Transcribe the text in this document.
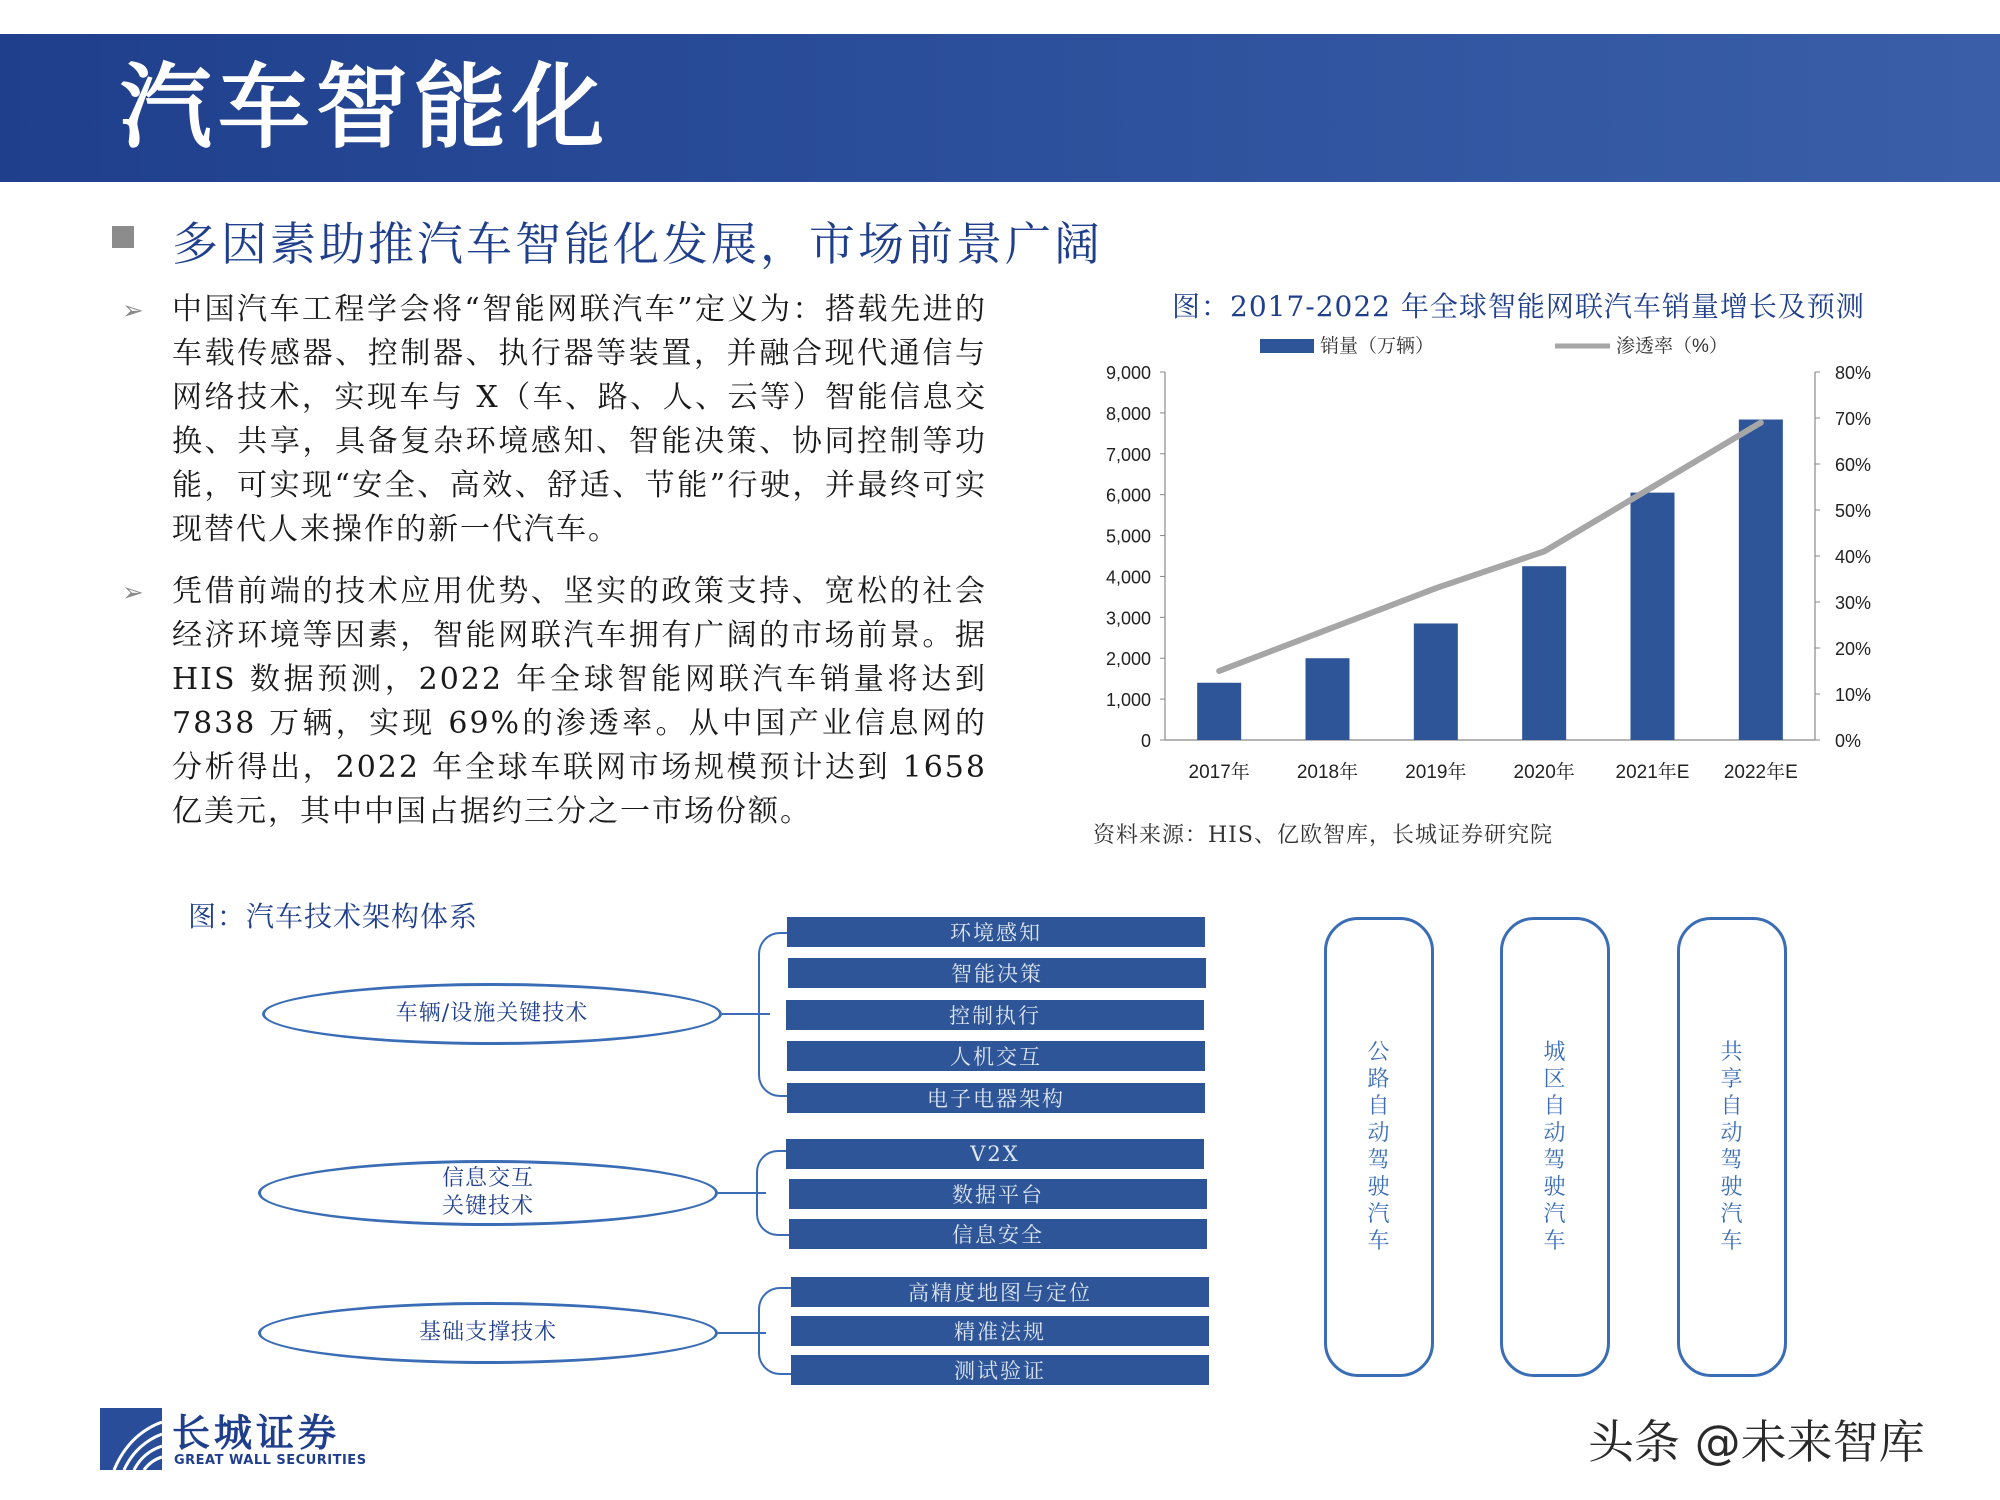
汽车智能化
多因素助推汽车智能化发展，市场前景广阔
➢ 中国汽车工程学会将“智能网联汽车”定义为：搭载先进的车载传感器、控制器、执行器等装置，并融合现代通信与网络技术，实现车与 X（车、路、人、云等）智能信息交换、共享，具备复杂环境感知、智能决策、协同控制等功能，可实现“安全、高效、舒适、节能”行驶，并最终可实现替代人来操作的新一代汽车。
➢ 凭借前端的技术应用优势、坚实的政策支持、宽松的社会经济环境等因素，智能网联汽车拥有广阔的市场前景。据 HIS 数据预测，2022 年全球智能网联汽车销量将达到 7838 万辆，实现 69%的渗透率。从中国产业信息网的分析得出，2022 年全球车联网市场规模预计达到 1658 亿美元，其中中国占据约三分之一市场份额。
图：2017-2022 年全球智能网联汽车销量增长及预测
销量（万辆）	渗透率（%）
0
1,000
2,000
3,000
4,000
5,000
6,000
7,000
8,000
9,000
0%
10%
20%
30%
40%
50%
60%
70%
80%
2017年 2018年 2019年 2020年 2021年E 2022年E
资料来源：HIS、亿欧智库，长城证券研究院
图：汽车技术架构体系
车辆/设施关键技术
环境感知
智能决策
控制执行
人机交互
电子电器架构
信息交互
关键技术
V2X
数据平台
信息安全
基础支撑技术
高精度地图与定位
精准法规
测试验证
公路
自动
驾驶
汽车
城区
自动
驾驶
汽车
共享
自动
驾驶
汽车
长城证券
GREAT WALL SECURITIES	头条 @未来智库
